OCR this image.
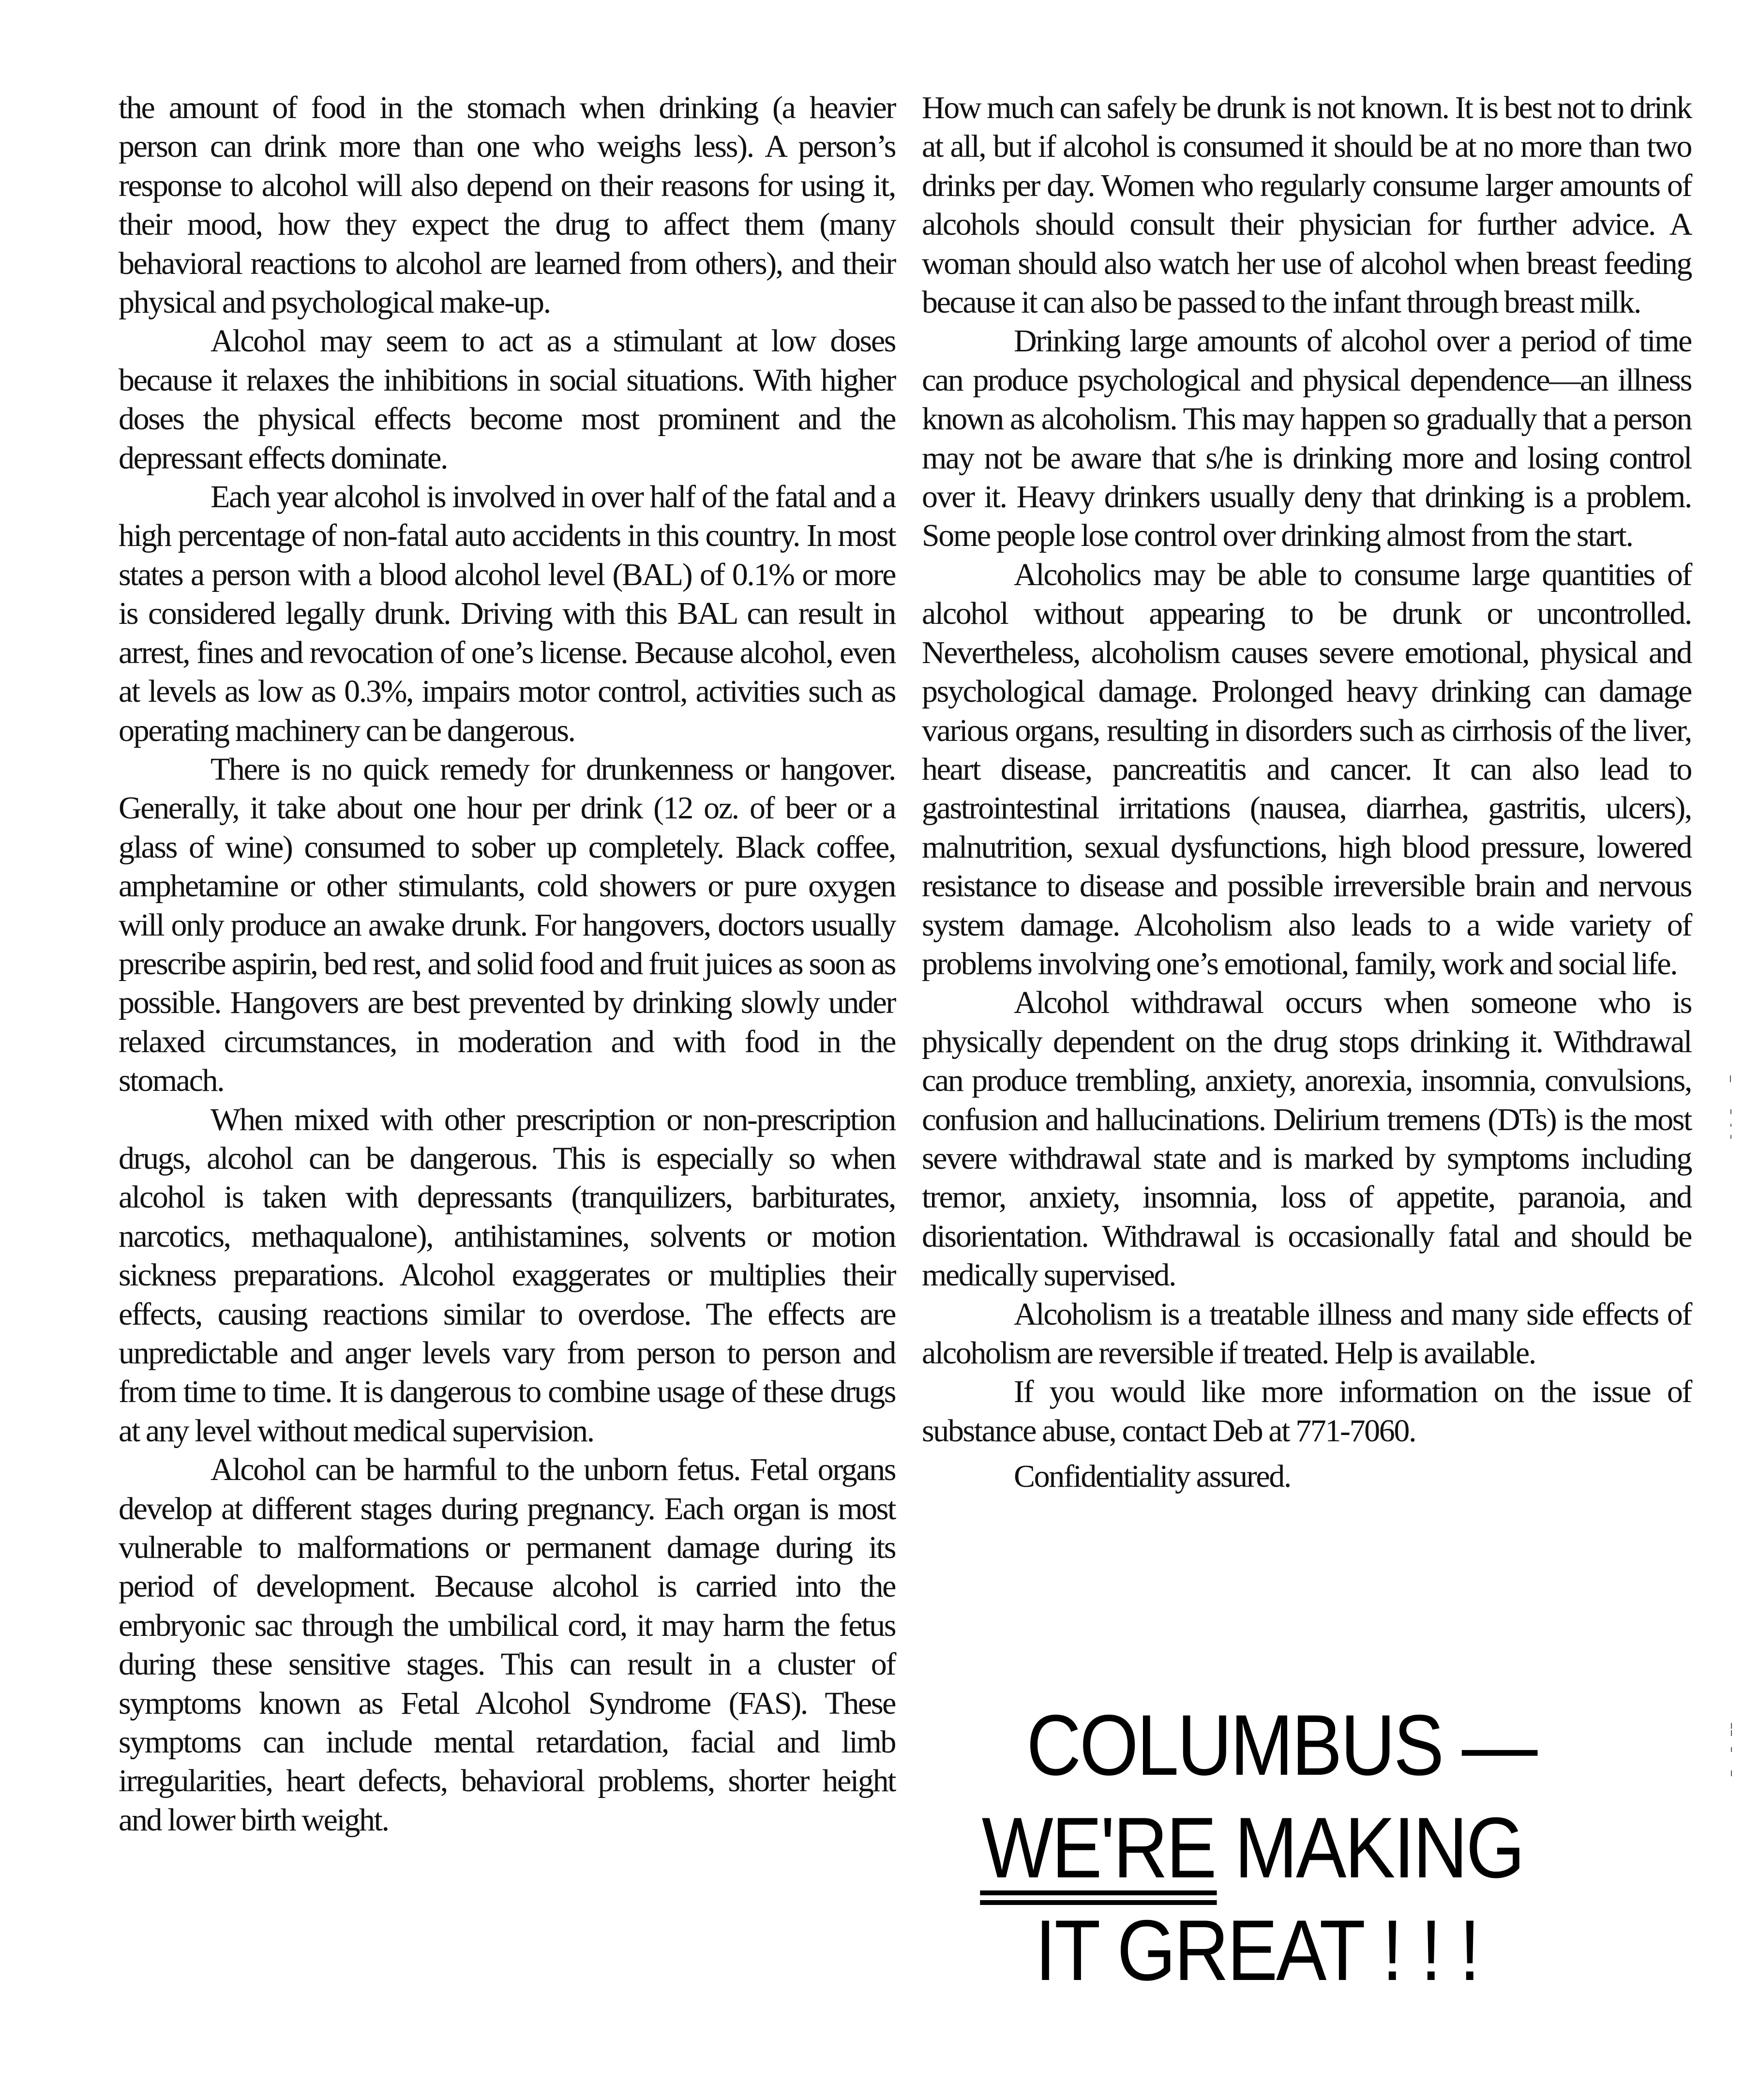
the amount of food in the stomach when drinking (a heavier person can drink more than one who weighs less). A person’s response to alcohol will also depend on their reasons for using it, their mood, how they expect the drug to affect them (many behavioral reactions to alcohol are learned from others), and their physical and psychological make-up.

Alcohol may seem to act as a stimulant at low doses because it relaxes the inhibitions in social situations. With higher doses the physical effects become most prominent and the depressant effects dominate.

Each year alcohol is involved in over half of the fatal and a high percentage of non-fatal auto accidents in this country. In most states a person with a blood alcohol level (BAL) of 0.1% or more is considered legally drunk. Driving with this BAL can result in arrest, fines and revocation of one’s license. Because alcohol, even at levels as low as 0.3%, impairs motor control, activities such as operating machinery can be dangerous.

There is no quick remedy for drunkenness or hangover. Generally, it take about one hour per drink (12 oz. of beer or a glass of wine) consumed to sober up completely. Black coffee, amphetamine or other stimulants, cold showers or pure oxygen will only produce an awake drunk. For hangovers, doctors usually prescribe aspirin, bed rest, and solid food and fruit juices as soon as possible. Hangovers are best prevented by drinking slowly under relaxed circumstances, in moderation and with food in the stomach.

When mixed with other prescription or non-prescription drugs, alcohol can be dangerous. This is especially so when alcohol is taken with depressants (tranquilizers, barbiturates, narcotics, methaqualone), antihistamines, solvents or motion sickness preparations. Alcohol exaggerates or multiplies their effects, causing reactions similar to overdose. The effects are unpredictable and anger levels vary from person to person and from time to time. It is dangerous to combine usage of these drugs at any level without medical supervision.

Alcohol can be harmful to the unborn fetus. Fetal organs develop at different stages during pregnancy. Each organ is most vulnerable to malformations or permanent damage during its period of development. Because alcohol is carried into the embryonic sac through the umbilical cord, it may harm the fetus during these sensitive stages. This can result in a cluster of symptoms known as Fetal Alcohol Syndrome (FAS). These symptoms can include mental retardation, facial and limb irregularities, heart defects, behavioral problems, shorter height and lower birth weight.

How much can safely be drunk is not known. It is best not to drink at all, but if alcohol is consumed it should be at no more than two drinks per day. Women who regularly consume larger amounts of alcohols should consult their physician for further advice. A woman should also watch her use of alcohol when breast feeding because it can also be passed to the infant through breast milk.

Drinking large amounts of alcohol over a period of time can produce psychological and physical dependence—an illness known as alcoholism. This may happen so gradually that a person may not be aware that s/he is drinking more and losing control over it. Heavy drinkers usually deny that drinking is a problem. Some people lose control over drinking almost from the start.

Alcoholics may be able to consume large quantities of alcohol without appearing to be drunk or uncontrolled. Nevertheless, alcoholism causes severe emotional, physical and psychological damage. Prolonged heavy drinking can damage various organs, resulting in disorders such as cirrhosis of the liver, heart disease, pancreatitis and cancer. It can also lead to gastrointestinal irritations (nausea, diarrhea, gastritis, ulcers), malnutrition, sexual dysfunctions, high blood pressure, lowered resistance to disease and possible irreversible brain and nervous system damage. Alcoholism also leads to a wide variety of problems involving one’s emotional, family, work and social life.

Alcohol withdrawal occurs when someone who is physically dependent on the drug stops drinking it. Withdrawal can produce trembling, anxiety, anorexia, insomnia, convulsions, confusion and hallucinations. Delirium tremens (DTs) is the most severe withdrawal state and is marked by symptoms including tremor, anxiety, insomnia, loss of appetite, paranoia, and disorientation. Withdrawal is occasionally fatal and should be medically supervised.

Alcoholism is a treatable illness and many side effects of alcoholism are reversible if treated. Help is available.

If you would like more information on the issue of substance abuse, contact Deb at 771-7060.

Confidentiality assured.

COLUMBUS —
WE'RE MAKING
IT GREAT ! ! !
